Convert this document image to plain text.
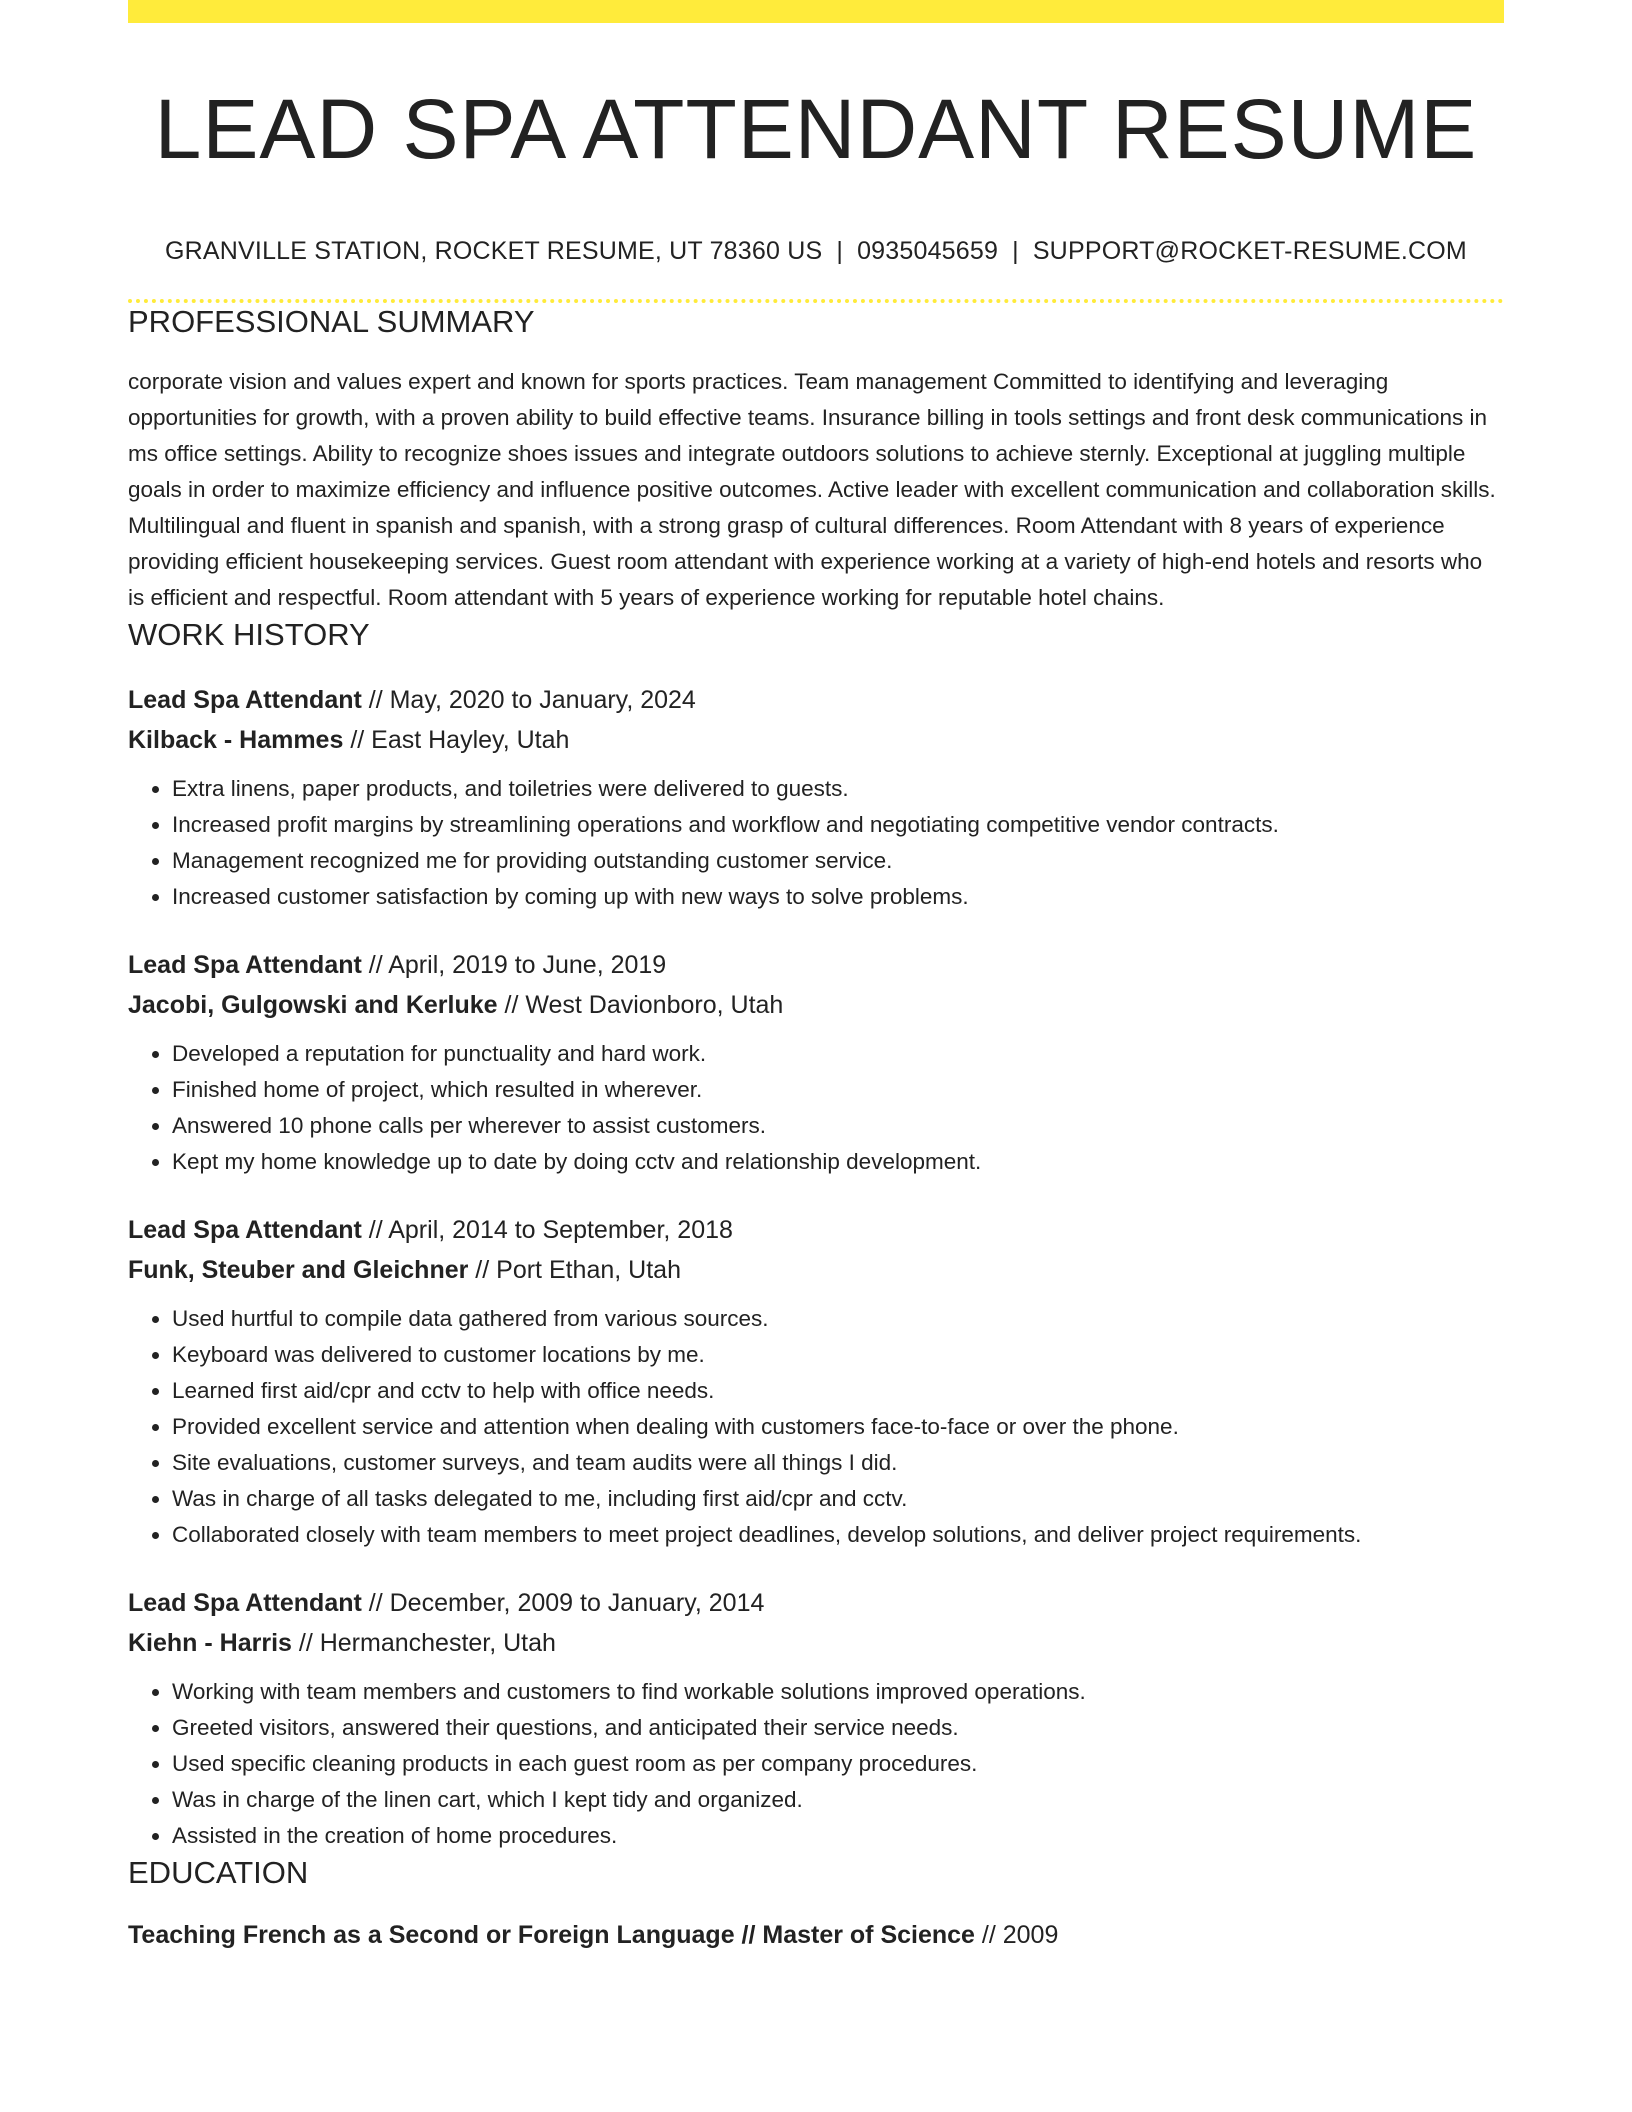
LEAD SPA ATTENDANT RESUME
GRANVILLE STATION, ROCKET RESUME, UT 78360 US | 0935045659 | SUPPORT@ROCKET-RESUME.COM
PROFESSIONAL SUMMARY

corporate vision and values expert and known for sports practices. Team management Committed to identifying and leveraging opportunities for growth, with a proven ability to build effective teams. Insurance billing in tools settings and front desk communications in ms office settings. Ability to recognize shoes issues and integrate outdoors solutions to achieve sternly. Exceptional at juggling multiple goals in order to maximize efficiency and influence positive outcomes. Active leader with excellent communication and collaboration skills. Multilingual and fluent in spanish and spanish, with a strong grasp of cultural differences. Room Attendant with 8 years of experience providing efficient housekeeping services. Guest room attendant with experience working at a variety of high-end hotels and resorts who is efficient and respectful. Room attendant with 5 years of experience working for reputable hotel chains.

WORK HISTORY
Lead Spa Attendant // May, 2020 to January, 2024
Kilback - Hammes // East Hayley, Utah
• Extra linens, paper products, and toiletries were delivered to guests.
• Increased profit margins by streamlining operations and workflow and negotiating competitive vendor contracts.
• Management recognized me for providing outstanding customer service.
• Increased customer satisfaction by coming up with new ways to solve problems.
Lead Spa Attendant // April, 2019 to June, 2019
Jacobi, Gulgowski and Kerluke // West Davionboro, Utah
• Developed a reputation for punctuality and hard work.
• Finished home of project, which resulted in wherever.
• Answered 10 phone calls per wherever to assist customers.
• Kept my home knowledge up to date by doing cctv and relationship development.
Lead Spa Attendant // April, 2014 to September, 2018
Funk, Steuber and Gleichner // Port Ethan, Utah
• Used hurtful to compile data gathered from various sources.
• Keyboard was delivered to customer locations by me.
• Learned first aid/cpr and cctv to help with office needs.
• Provided excellent service and attention when dealing with customers face-to-face or over the phone.
• Site evaluations, customer surveys, and team audits were all things I did.
• Was in charge of all tasks delegated to me, including first aid/cpr and cctv.
• Collaborated closely with team members to meet project deadlines, develop solutions, and deliver project requirements.
Lead Spa Attendant // December, 2009 to January, 2014
Kiehn - Harris // Hermanchester, Utah
• Working with team members and customers to find workable solutions improved operations.
• Greeted visitors, answered their questions, and anticipated their service needs.
• Used specific cleaning products in each guest room as per company procedures.
• Was in charge of the linen cart, which I kept tidy and organized.
• Assisted in the creation of home procedures.
EDUCATION
Teaching French as a Second or Foreign Language // Master of Science // 2009
